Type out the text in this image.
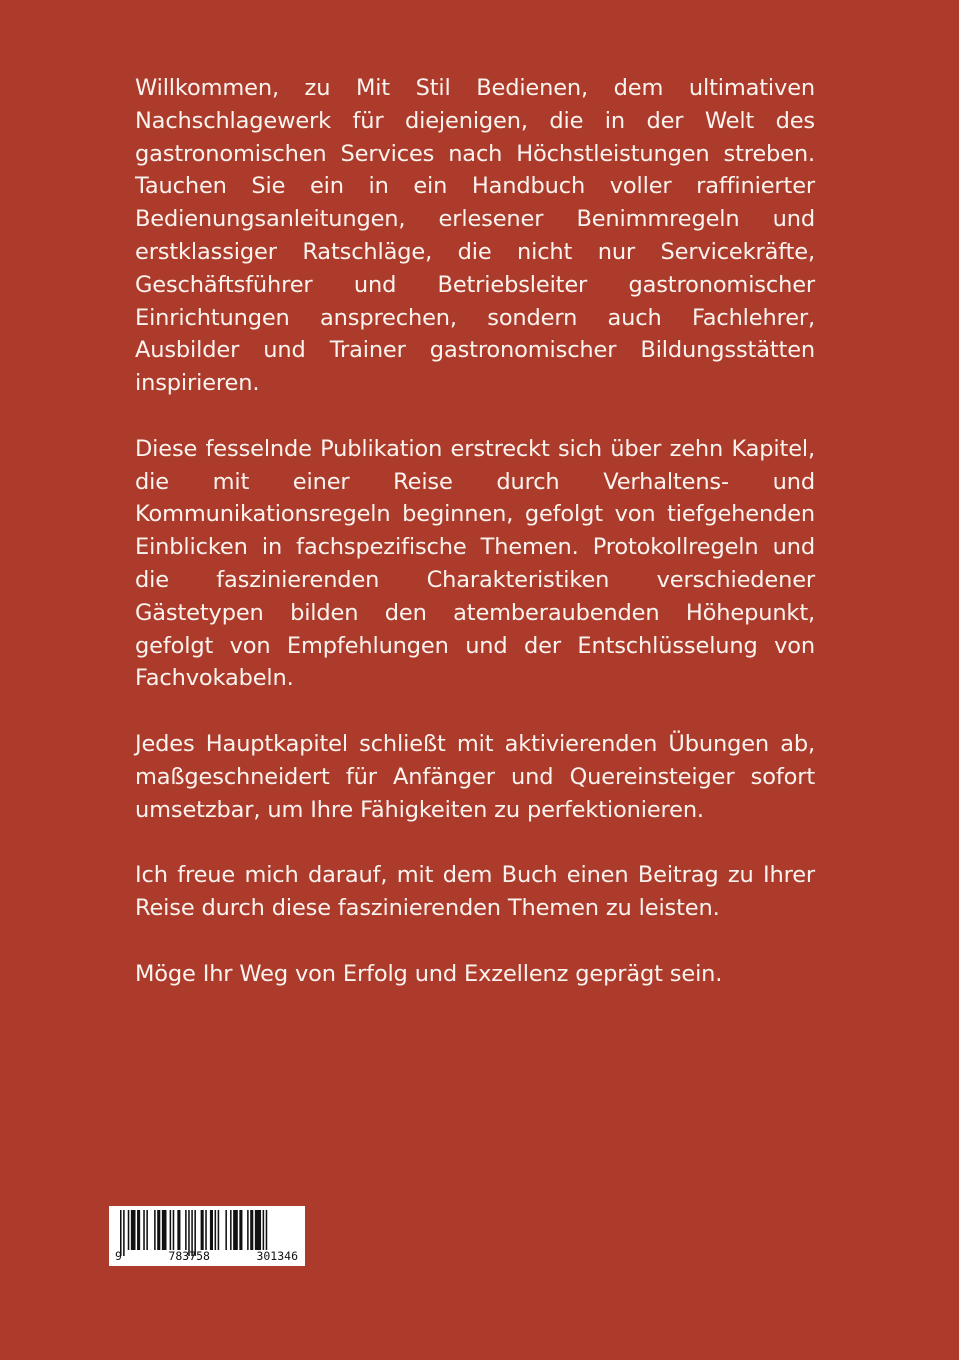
Willkommen, zu Mit Stil Bedienen, dem ultimativen Nachschlagewerk für diejenigen, die in der Welt des gastronomischen Services nach Höchstleistungen streben. Tauchen Sie ein in ein Handbuch voller raffinierter Bedienungsanleitungen, erlesener Benimmregeln und erstklassiger Ratschläge, die nicht nur Servicekräfte, Geschäftsführer und Betriebsleiter gastronomischer Einrichtungen ansprechen, sondern auch Fachlehrer, Ausbilder und Trainer gastronomischer Bildungsstätten inspirieren.

Diese fesselnde Publikation erstreckt sich über zehn Kapitel, die mit einer Reise durch Verhaltens- und Kommunikationsregeln beginnen, gefolgt von tiefgehenden Einblicken in fachspezifische Themen. Protokollregeln und die faszinierenden Charakteristiken verschiedener Gästetypen bilden den atemberaubenden Höhepunkt, gefolgt von Empfehlungen und der Entschlüsselung von Fachvokabeln.

Jedes Hauptkapitel schließt mit aktivierenden Übungen ab, maßgeschneidert für Anfänger und Quereinsteiger sofort umsetzbar, um Ihre Fähigkeiten zu perfektionieren.

Ich freue mich darauf, mit dem Buch einen Beitrag zu Ihrer Reise durch diese faszinierenden Themen zu leisten.

Möge Ihr Weg von Erfolg und Exzellenz geprägt sein.

9	783758	301346
